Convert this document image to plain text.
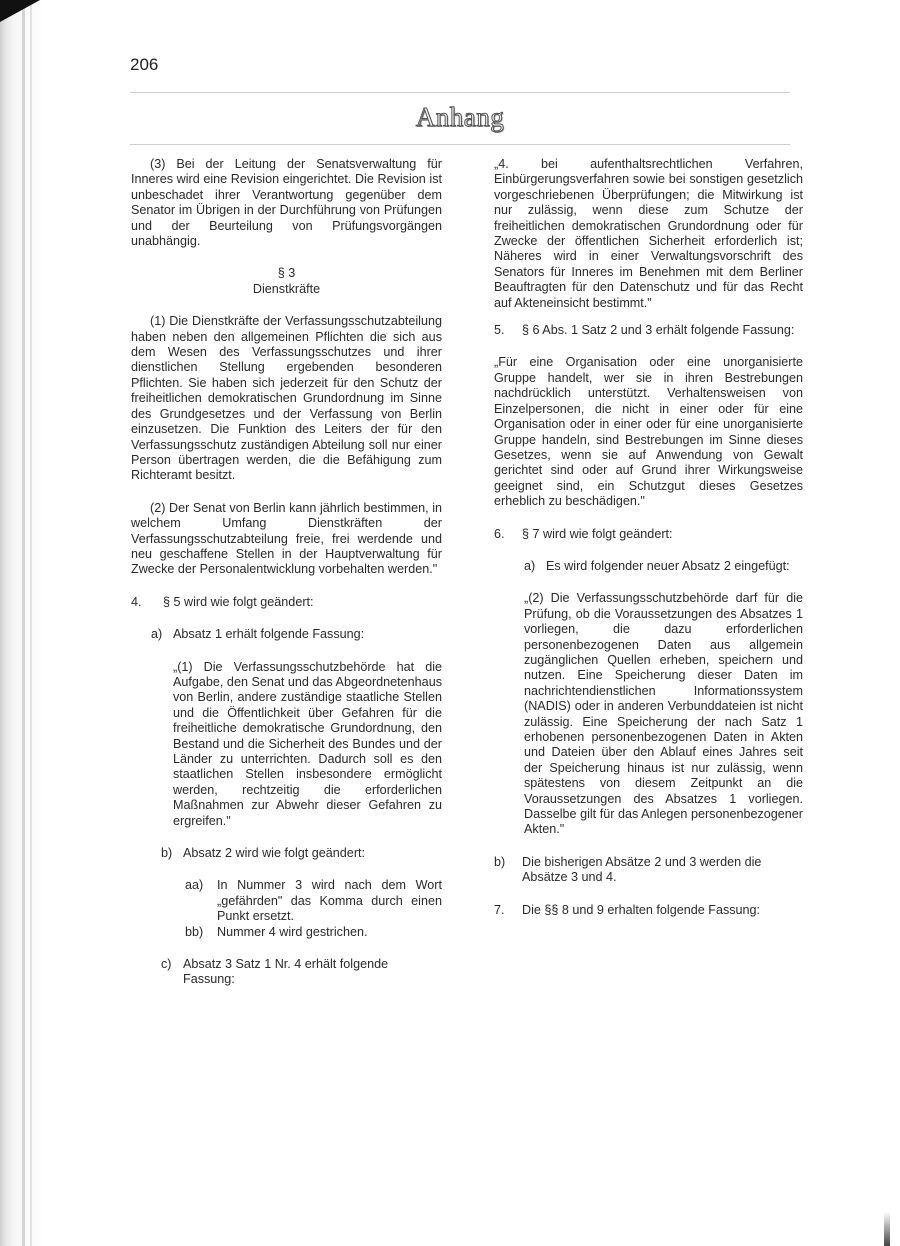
206
Anhang

(3) Bei der Leitung der Senatsverwaltung für Inneres wird eine Revision eingerichtet. Die Revision ist unbeschadet ihrer Verantwortung gegenüber dem Senator im Übrigen in der Durchführung von Prüfungen und der Beurteilung von Prüfungsvorgängen unabhängig.

§ 3

Dienstkräfte

(1) Die Dienstkräfte der Verfassungsschutzabteilung haben neben den allgemeinen Pflichten die sich aus dem Wesen des Verfassungsschutzes und ihrer dienstlichen Stellung ergebenden besonderen Pflichten. Sie haben sich jederzeit für den Schutz der freiheitlichen demokratischen Grundordnung im Sinne des Grundgesetzes und der Verfassung von Berlin einzusetzen. Die Funktion des Leiters der für den Verfassungsschutz zuständigen Abteilung soll nur einer Person übertragen werden, die die Befähigung zum Richteramt besitzt.

(2) Der Senat von Berlin kann jährlich bestimmen, in welchem Umfang Dienstkräften der Verfassungsschutzabteilung freie, frei werdende und neu geschaffene Stellen in der Hauptverwaltung für Zwecke der Personalentwicklung vorbehalten werden."

4.	§ 5 wird wie folgt geändert:
a) Absatz 1 erhält folgende Fassung:

„(1) Die Verfassungsschutzbehörde hat die Aufgabe, den Senat und das Abgeordnetenhaus von Berlin, andere zuständige staatliche Stellen und die Öffentlichkeit über Gefahren für die freiheitliche demokratische Grundordnung, den Bestand und die Sicherheit des Bundes und der Länder zu unterrichten. Dadurch soll es den staatlichen Stellen insbesondere ermöglicht werden, rechtzeitig die erforderlichen Maßnahmen zur Abwehr dieser Gefahren zu ergreifen."

b) Absatz 2 wird wie folgt geändert:
aa)	In Nummer 3 wird nach dem Wort „gefährden" das Komma durch einen Punkt ersetzt.
bb)	Nummer 4 wird gestrichen.
c) Absatz 3 Satz 1 Nr. 4 erhält folgende Fassung:

„4. bei aufenthaltsrechtlichen Verfahren, Einbürgerungsverfahren sowie bei sonstigen gesetzlich vorgeschriebenen Überprüfungen; die Mitwirkung ist nur zulässig, wenn diese zum Schutze der freiheitlichen demokratischen Grundordnung oder für Zwecke der öffentlichen Sicherheit erforderlich ist; Näheres wird in einer Verwaltungsvorschrift des Senators für Inneres im Benehmen mit dem Berliner Beauftragten für den Datenschutz und für das Recht auf Akteneinsicht bestimmt."

5.	§ 6 Abs. 1 Satz 2 und 3 erhält folgende Fassung:

„Für eine Organisation oder eine unorganisierte Gruppe handelt, wer sie in ihren Bestrebungen nachdrücklich unterstützt. Verhaltensweisen von Einzelpersonen, die nicht in einer oder für eine Organisation oder in einer oder für eine unorganisierte Gruppe handeln, sind Bestrebungen im Sinne dieses Gesetzes, wenn sie auf Anwendung von Gewalt gerichtet sind oder auf Grund ihrer Wirkungsweise geeignet sind, ein Schutzgut dieses Gesetzes erheblich zu beschädigen."

6.	§ 7 wird wie folgt geändert:
a) Es wird folgender neuer Absatz 2 eingefügt:

„(2) Die Verfassungsschutzbehörde darf für die Prüfung, ob die Voraussetzungen des Absatzes 1 vorliegen, die dazu erforderlichen personenbezogenen Daten aus allgemein zugänglichen Quellen erheben, speichern und nutzen. Eine Speicherung dieser Daten im nachrichtendienstlichen Informationssystem (NADIS) oder in anderen Verbunddateien ist nicht zulässig. Eine Speicherung der nach Satz 1 erhobenen personenbezogenen Daten in Akten und Dateien über den Ablauf eines Jahres seit der Speicherung hinaus ist nur zulässig, wenn spätestens von diesem Zeitpunkt an die Voraussetzungen des Absatzes 1 vorliegen. Dasselbe gilt für das Anlegen personenbezogener Akten."

b)	Die bisherigen Absätze 2 und 3 werden die Absätze 3 und 4.
7.	Die §§ 8 und 9 erhalten folgende Fassung:
